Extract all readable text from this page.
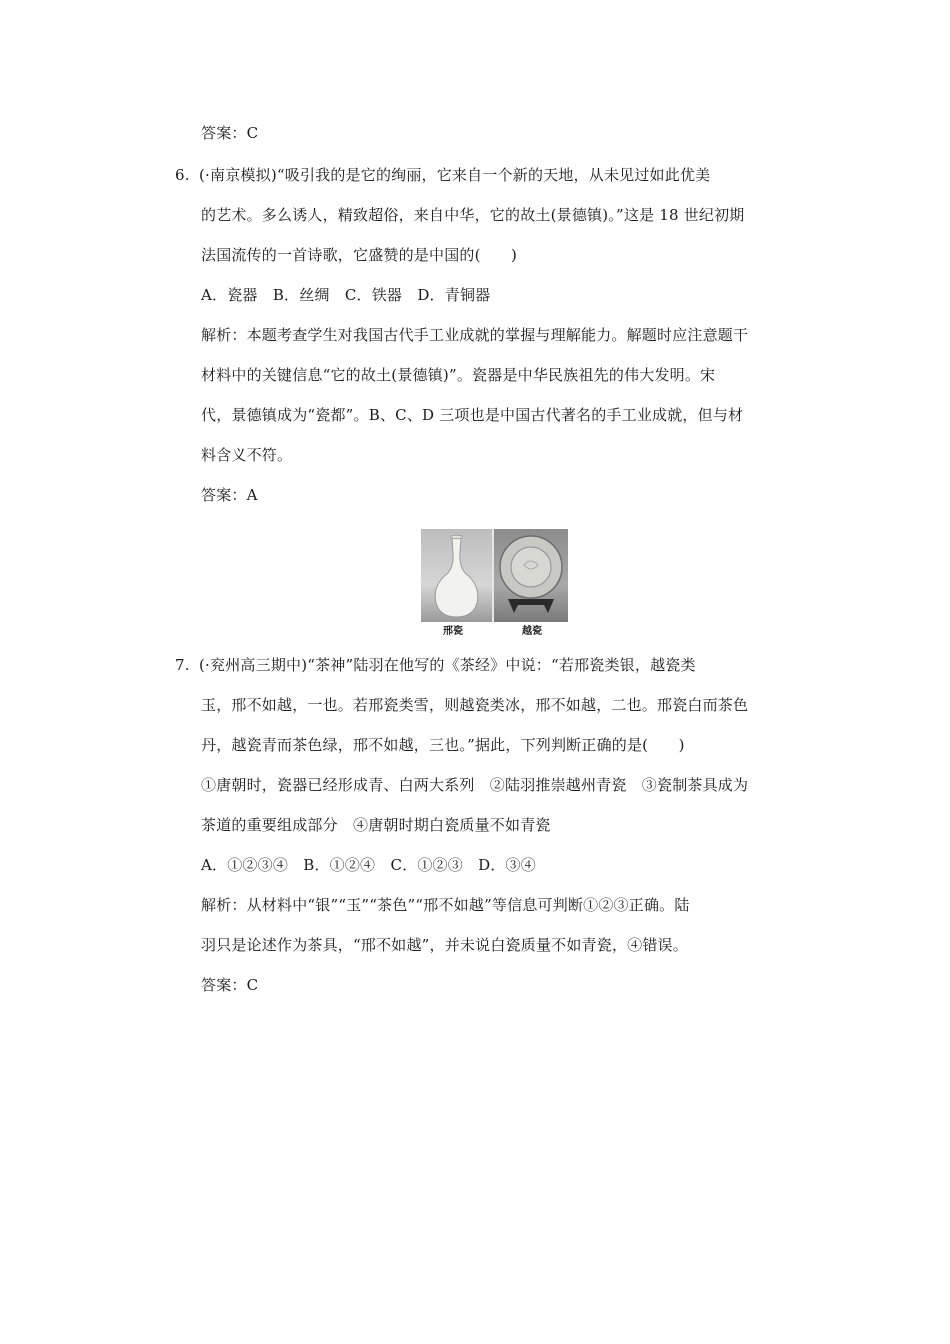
答案：C
6. (·南京模拟)“吸引我的是它的绚丽，它来自一个新的天地，从未见过如此优美
的艺术。多么诱人，精致超俗，来自中华，它的故土(景德镇)。”这是 18 世纪初期
法国流传的一首诗歌，它盛赞的是中国的(　　)
A．瓷器　B．丝绸　C．铁器　D．青铜器
解析：本题考查学生对我国古代手工业成就的掌握与理解能力。解题时应注意题干
材料中的关键信息“它的故土(景德镇)”。瓷器是中华民族祖先的伟大发明。宋
代，景德镇成为“瓷都”。B、C、D 三项也是中国古代著名的手工业成就，但与材
料含义不符。
答案：A
邢瓷	越瓷
7. (·兖州高三期中)“茶神”陆羽在他写的《茶经》中说：“若邢瓷类银，越瓷类
玉，邢不如越，一也。若邢瓷类雪，则越瓷类冰，邢不如越，二也。邢瓷白而茶色
丹，越瓷青而茶色绿，邢不如越，三也。”据此，下列判断正确的是(　　)
①唐朝时，瓷器已经形成青、白两大系列　②陆羽推崇越州青瓷　③瓷制茶具成为
茶道的重要组成部分　④唐朝时期白瓷质量不如青瓷
A．①②③④　B．①②④　C．①②③　D．③④
解析：从材料中“银”“玉”“茶色”“邢不如越”等信息可判断①②③正确。陆
羽只是论述作为茶具，“邢不如越”，并未说白瓷质量不如青瓷，④错误。
答案：C
